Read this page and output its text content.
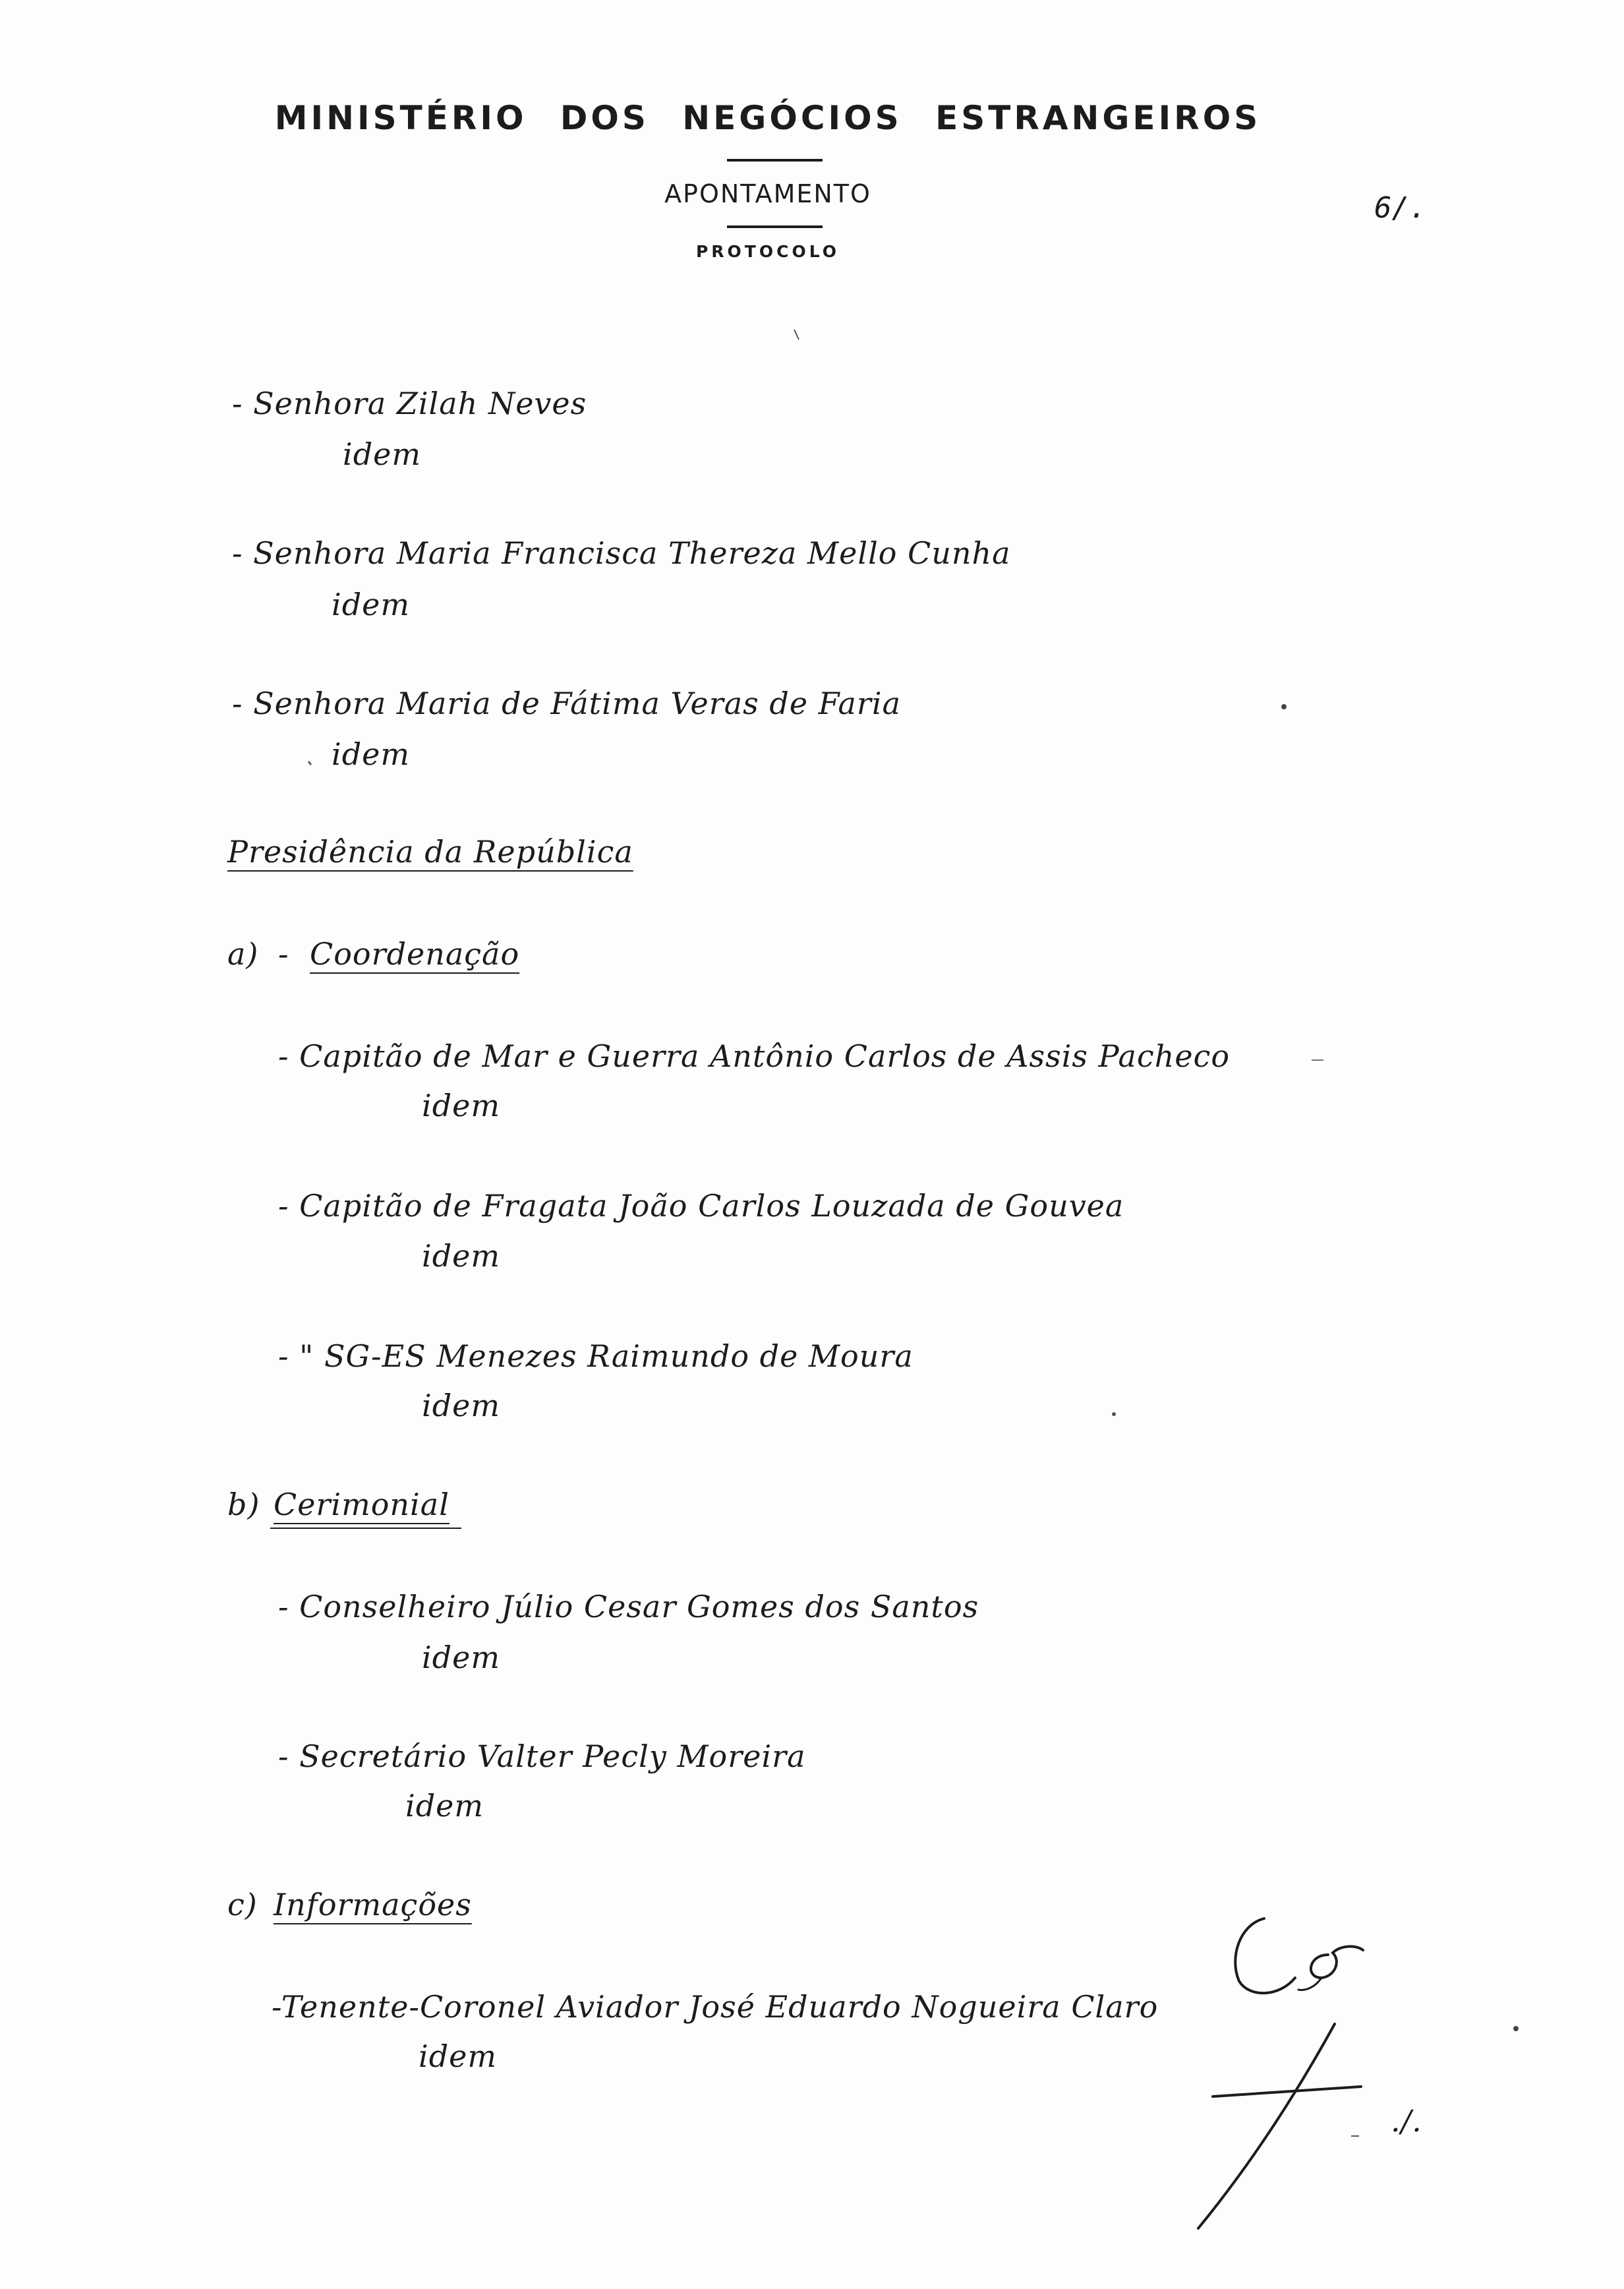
MINISTÉRIO DOS NEGÓCIOS ESTRANGEIROS
APONTAMENTO
PROTOCOLO
6/.
- Senhora Zilah Neves
idem
- Senhora Maria Francisca Thereza Mello Cunha
idem
- Senhora Maria de Fátima Veras de Faria
idem
Presidência da República
a) - Coordenação
- Capitão de Mar e Guerra Antônio Carlos de Assis Pacheco
idem
- Capitão de Fragata João Carlos Louzada de Gouvea
idem
- " SG-ES Menezes Raimundo de Moura
idem
b) Cerimonial
- Conselheiro Júlio Cesar Gomes dos Santos
idem
- Secretário Valter Pecly Moreira
idem
c) Informações
-Tenente-Coronel Aviador José Eduardo Nogueira Claro
idem
./.
